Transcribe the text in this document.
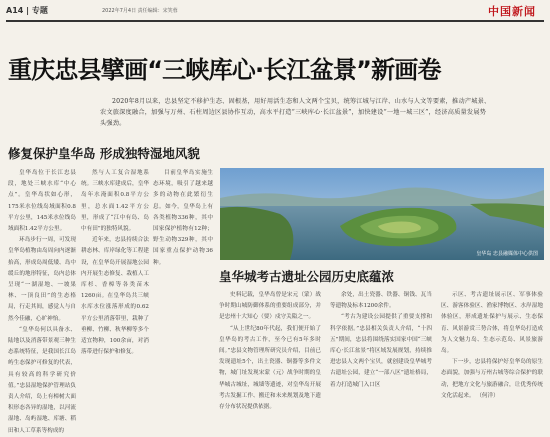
A14 | 专题	2022年7月4日 责任编辑：宋笑蓉	中国新闻
重庆忠县擘画“三峡库心·长江盆景”新画卷
2020年8月以来，忠县坚定不移护生态、固根基，用好用活生态和人文两个宝贝，统筹江城与江岸、山水与人文等要素，推动产城景、农文旅深度融合，加强与万州、石柱周边区县协作互动，高水平打造“三峡库心·长江盆景”，加快建设“一地一城三区”，经济高质量发展势头强劲。
修复保护皇华岛 形成独特湿地风貌

皇华岛位于长江忠县段，地处三峡水库“中心点”。皇华岛状如心形，175米水位线岛域面积0.8平方公里，145米水位线岛域面积1.42平方公里。

环岛步行一周，可发现皇华岛植物由岛周向内逐渐抬高，形成岛周低矮、岛中缓丘的地形特征，岛内总体呈现“一湖湿地、一坡果林、一顶良田”的生态格局，行走其间，感觉人与自然今佳融，心旷神怡。

“皇华岛何以具备水、陆地以及消落带景观三种生态系统特征，是我国长江岛屿生态保护可修复的代表，具有较高的科学研究价值。”忠县湿地保护管理站负责人介绍，岛上有樟树大面积形态各异的湿地，以河流湿地、岛屿湿地、库塘、稻田和人工草系等构成的

然与人工复合湿地系统。三峡水库建成后，皇华岛年水淹面积0.8平方公里，总水面1.42平方公里，形成了“江中有岛、岛中有田”的独特风貌。

近年来，忠县持续合法耕态林、库岸绿化等工程建设，在皇华岛开展湿地公园内开展生态修复、栽植人工库杉、香樟等各类苗木1260亩。在皇华岛共三峡水库水位涨落形成的0.62平方公里消落带里，栽种了垂柳、竹柳、秋华柳等多个适宜物种，100余亩，对消落带进行保护和修复。

目前皇华岛实施生态环境，吸引了越来越多的动物在此繁衍生息。如今，皇华岛上有各类植物336种，其中国家保护植物有12种；野生动物329种，其中国家重点保护动物36种。

皇华岛 忠县融媒体中心供图
皇华城考古遗址公园历史底蕴浓

史料记载，皇华岛曾是宋元（蒙）战争时期山城防御体系的重要组成部分，并是忠州十大知心（要）戍守关隘之一。

“从上世纪80年代起，我们便开始了皇华岛的考古工作，至今已有5年多时间。”忠县文物管理所研究员介绍，目前已发现遗址5个，出土瓷器、铜器等多件文物，城门址发现宋蒙（元）战争时期的皇华城古城址，城墙等遗迹，对皇华岛开展考古发掘工作、搬迁和未来规划及地下遗存分布状况提供依据。

余处，出土瓷器、铁器、铜钱、瓦当等遗物及标本1200余件。

“考古为建设公园提供了重要支撑和科学依据。”忠县相关负责人介绍，“十四五”期间，忠县将围绕落实国家中国“三峡库心·长江盆景”将区域发展规划，持续推进忠县人文两个宝贝，就创建设皇华城考古遗址公园，建立“一部八区”遗址格局，着力打造城门入口区

示区、考古遗址展示区、军事体验区、游客体验区、渔家博物区、水岸湿地体验区，形成遗址保护与展示、生态保育、风景游赏三势合体，将皇华岛打造成为人文魅力岛、生态示范岛、风景旅游岛。

下一步，忠县将保护好皇华岛的原生态面貌，加强与万州古城等综合保护的联动，把地方文化与旅游融合，让优秀传统文化活起来。 （何洋）
